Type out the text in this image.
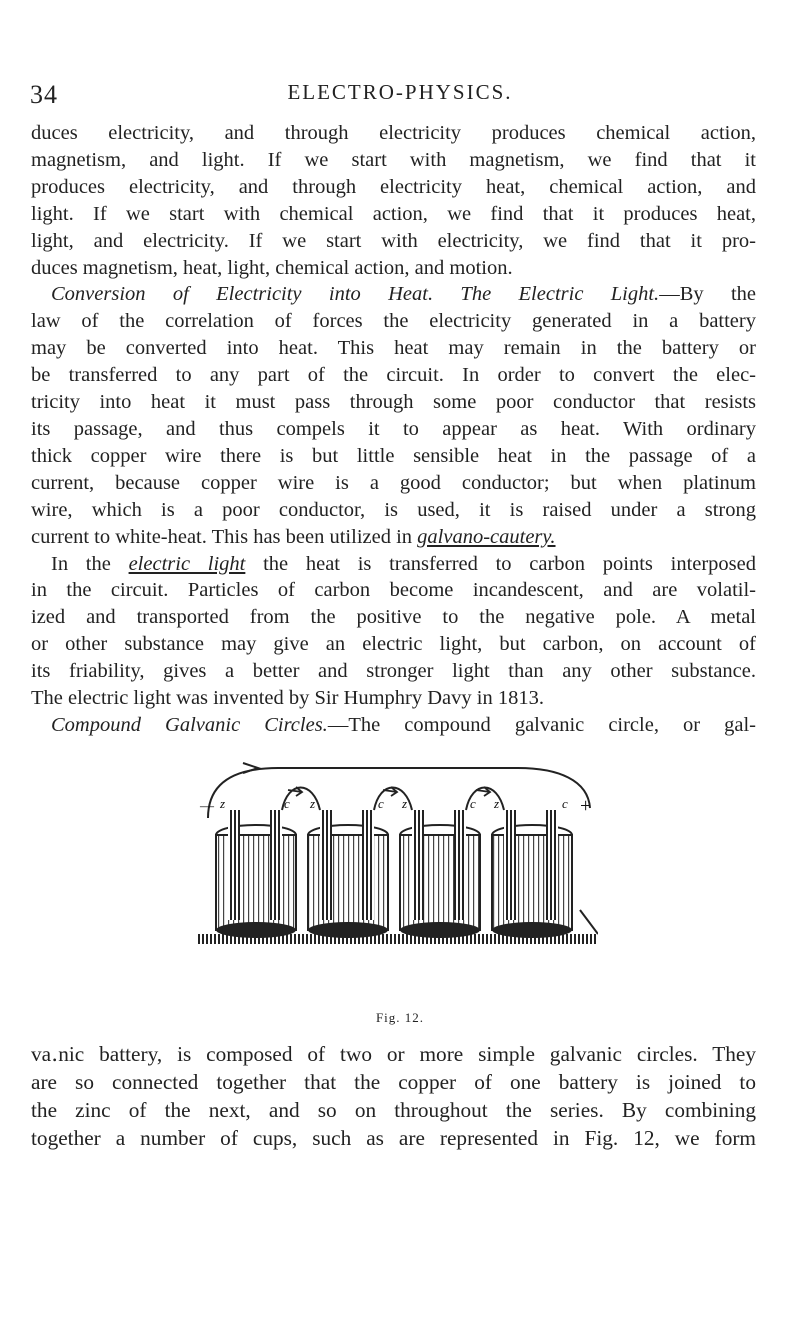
34	ELECTRO-PHYSICS.

duces electricity, and through electricity produces chemical action,

magnetism, and light. If we start with magnetism, we find that it

produces electricity, and through electricity heat, chemical action, and

light. If we start with chemical action, we find that it produces heat,

light, and electricity. If we start with electricity, we find that it pro-

duces magnetism, heat, light, chemical action, and motion.

Conversion of Electricity into Heat. The Electric Light.—By the

law of the correlation of forces the electricity generated in a battery

may be converted into heat. This heat may remain in the battery or

be transferred to any part of the circuit. In order to convert the elec-

tricity into heat it must pass through some poor conductor that resists

its passage, and thus compels it to appear as heat. With ordinary

thick copper wire there is but little sensible heat in the passage of a

current, because copper wire is a good conductor; but when platinum

wire, which is a poor conductor, is used, it is raised under a strong

current to white-heat. This has been utilized in galvano-cautery.

In the electric light the heat is transferred to carbon points interposed

in the circuit. Particles of carbon become incandescent, and are volatil-

ized and transported from the positive to the negative pole. A metal

or other substance may give an electric light, but carbon, on account of

its friability, gives a better and stronger light than any other substance.

The electric light was invented by Sir Humphry Davy in 1813.

Compound Galvanic Circles.—The compound galvanic circle, or gal-

z	c z	c z	c z	c
—	+
Fig. 12.

va․nic battery, is composed of two or more simple galvanic circles. They

are so connected together that the copper of one battery is joined to

the zinc of the next, and so on throughout the series. By combining

together a number of cups, such as are represented in Fig. 12, we form
